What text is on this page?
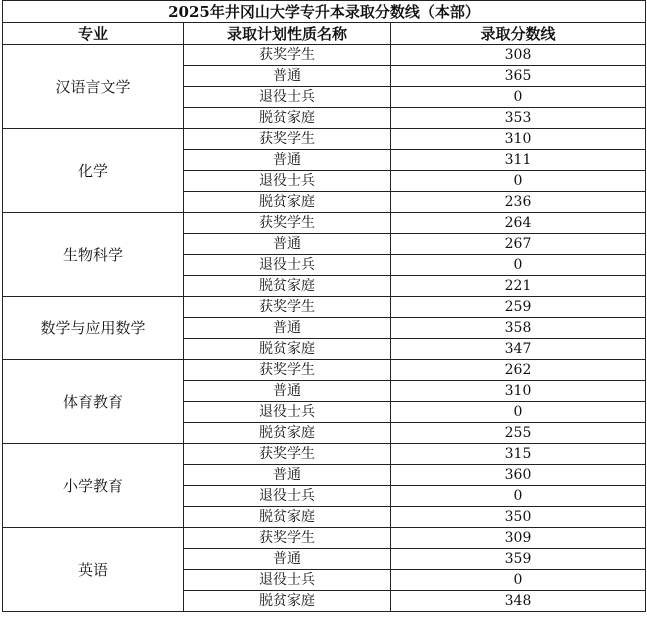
2025年井冈山大学专升本录取分数线（本部）		
专业	录取计划性质名称	录取分数线
汉语言文学	获奖学生	308
	普通	365
	退役士兵	0
	脱贫家庭	353
化学	获奖学生	310
	普通	311
	退役士兵	0
	脱贫家庭	236
生物科学	获奖学生	264
	普通	267
	退役士兵	0
	脱贫家庭	221
数学与应用数学	获奖学生	259
	普通	358
	脱贫家庭	347
体育教育	获奖学生	262
	普通	310
	退役士兵	0
	脱贫家庭	255
小学教育	获奖学生	315
	普通	360
	退役士兵	0
	脱贫家庭	350
英语	获奖学生	309
	普通	359
	退役士兵	0
	脱贫家庭	348
